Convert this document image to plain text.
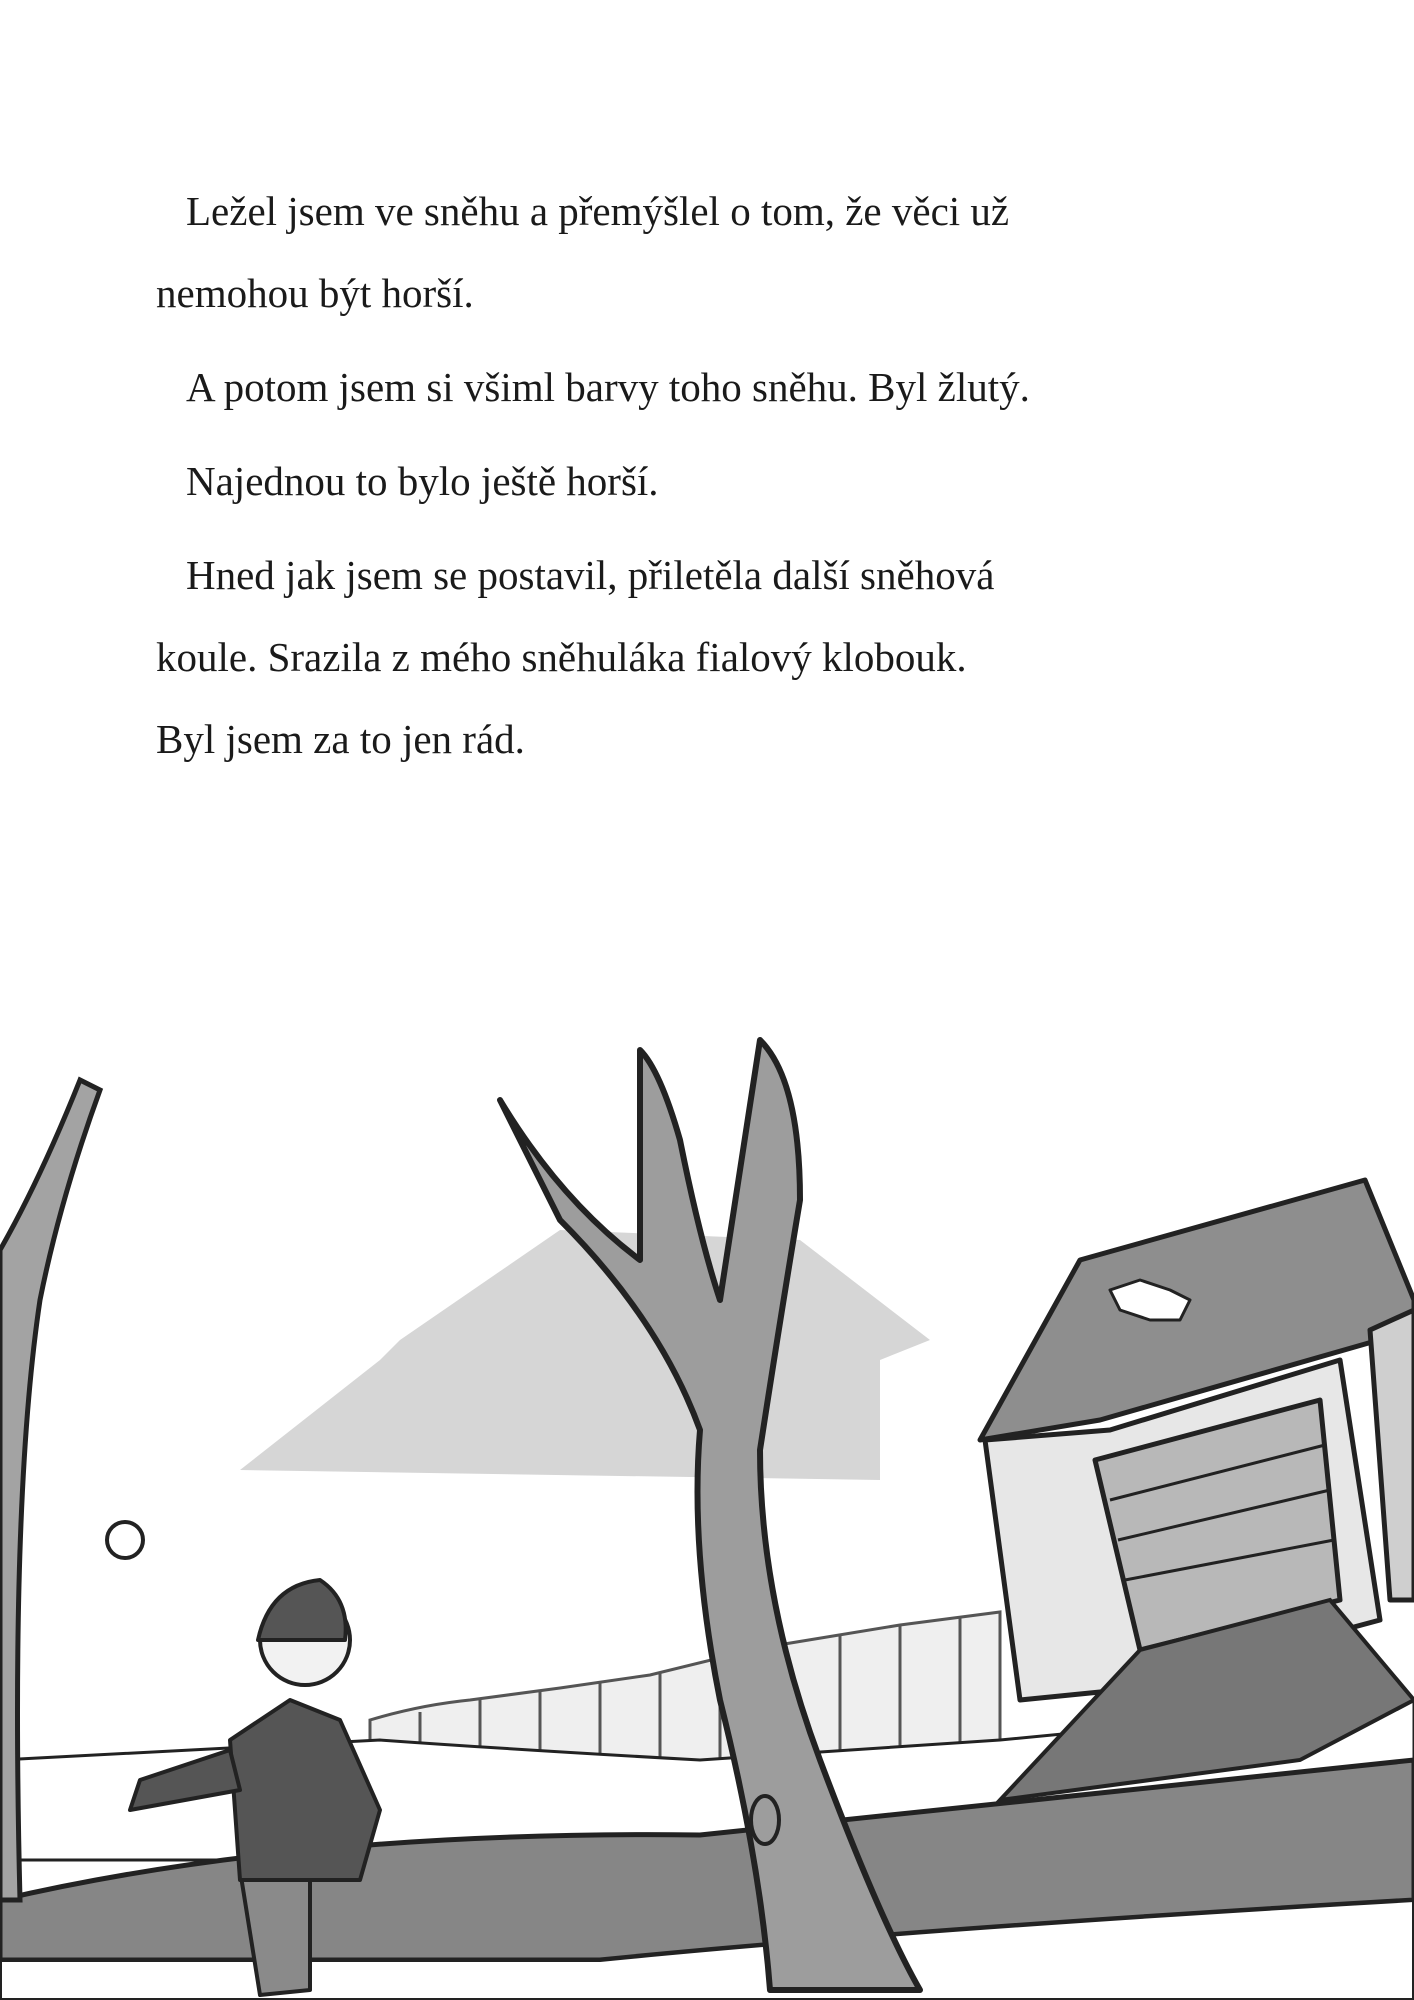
Ležel jsem ve sněhu a přemýšlel o tom, že věci už
nemohou být horší.

A potom jsem si všiml barvy toho sněhu. Byl žlutý.

Najednou to bylo ještě horší.

Hned jak jsem se postavil, přiletěla další sněhová
koule. Srazila z mého sněhuláka fialový klobouk.
Byl jsem za to jen rád.
